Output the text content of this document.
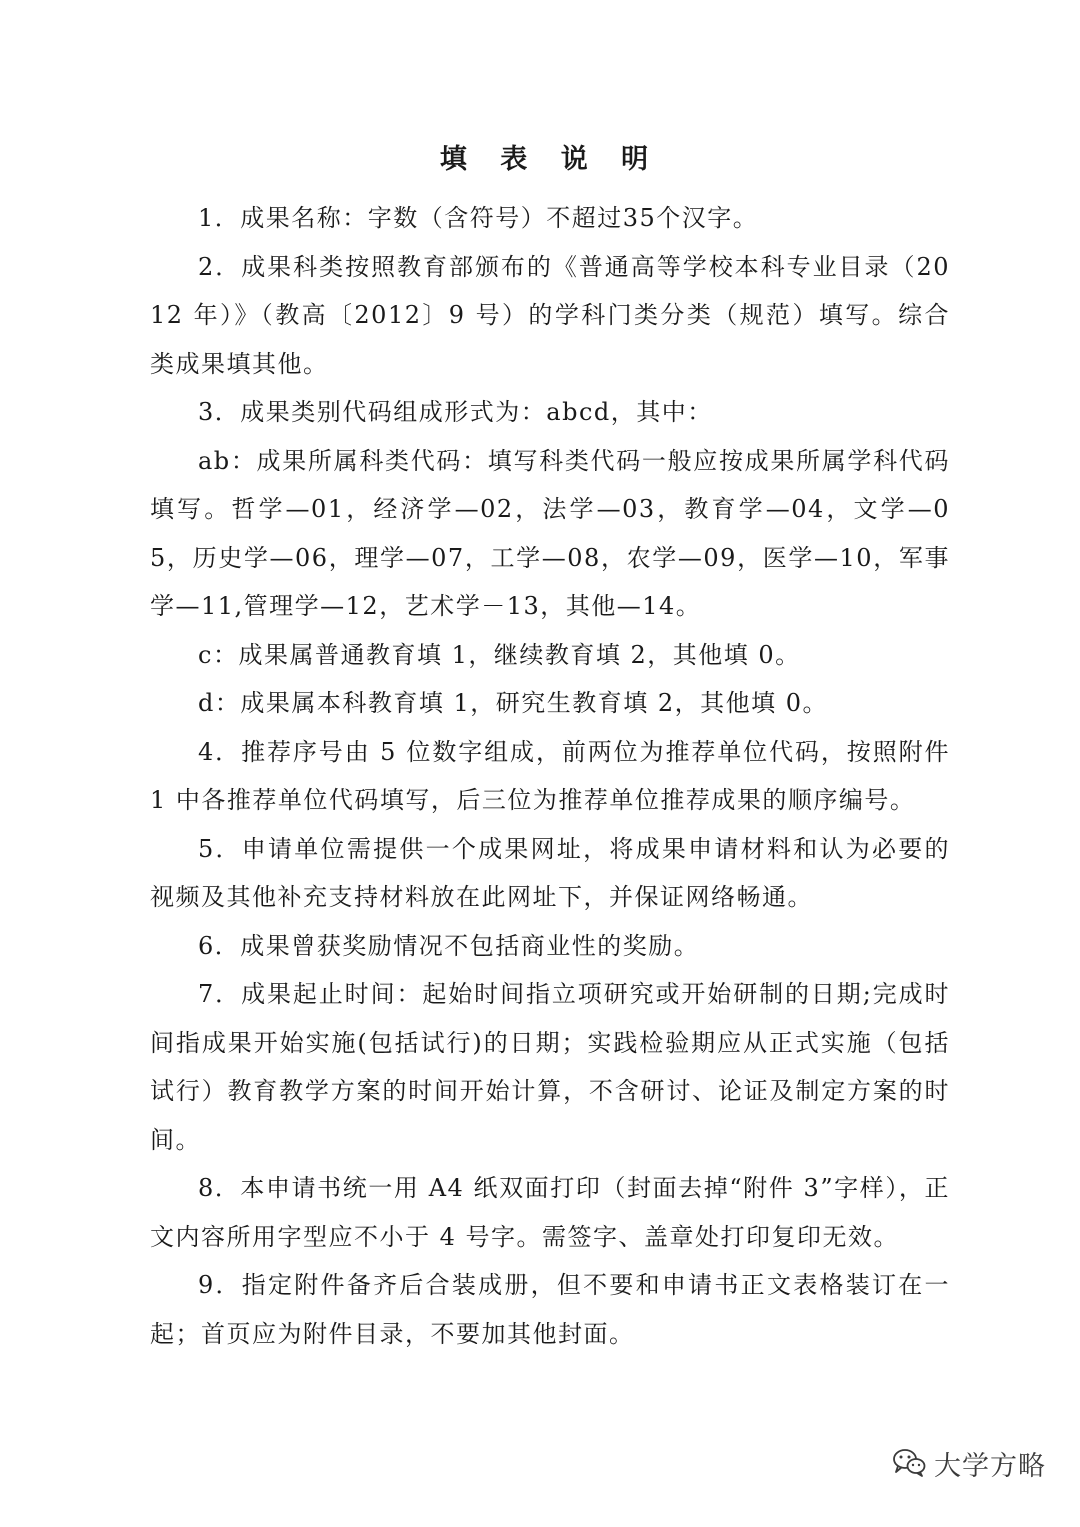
填 表 说 明

1．成果名称：字数（含符号）不超过35个汉字。

2．成果科类按照教育部颁布的《普通高等学校本科专业目录（2012 年）》（教高〔2012〕9 号）的学科门类分类（规范）填写。综合类成果填其他。

3．成果类别代码组成形式为：abcd，其中：

ab：成果所属科类代码：填写科类代码一般应按成果所属学科代码填写。哲学—01，经济学—02，法学—03，教育学—04，文学—05，历史学—06，理学—07，工学—08，农学—09，医学—10，军事学—11,管理学—12，艺术学－13，其他—14。

c：成果属普通教育填 1，继续教育填 2，其他填 0。

d：成果属本科教育填 1，研究生教育填 2，其他填 0。

4．推荐序号由 5 位数字组成，前两位为推荐单位代码，按照附件 1 中各推荐单位代码填写，后三位为推荐单位推荐成果的顺序编号。

5．申请单位需提供一个成果网址，将成果申请材料和认为必要的视频及其他补充支持材料放在此网址下，并保证网络畅通。

6．成果曾获奖励情况不包括商业性的奖励。

7．成果起止时间：起始时间指立项研究或开始研制的日期;完成时间指成果开始实施(包括试行)的日期；实践检验期应从正式实施（包括试行）教育教学方案的时间开始计算，不含研讨、论证及制定方案的时间。

8．本申请书统一用 A4 纸双面打印（封面去掉“附件 3”字样），正文内容所用字型应不小于 4 号字。需签字、盖章处打印复印无效。

9．指定附件备齐后合装成册，但不要和申请书正文表格装订在一起；首页应为附件目录，不要加其他封面。

大学方略
